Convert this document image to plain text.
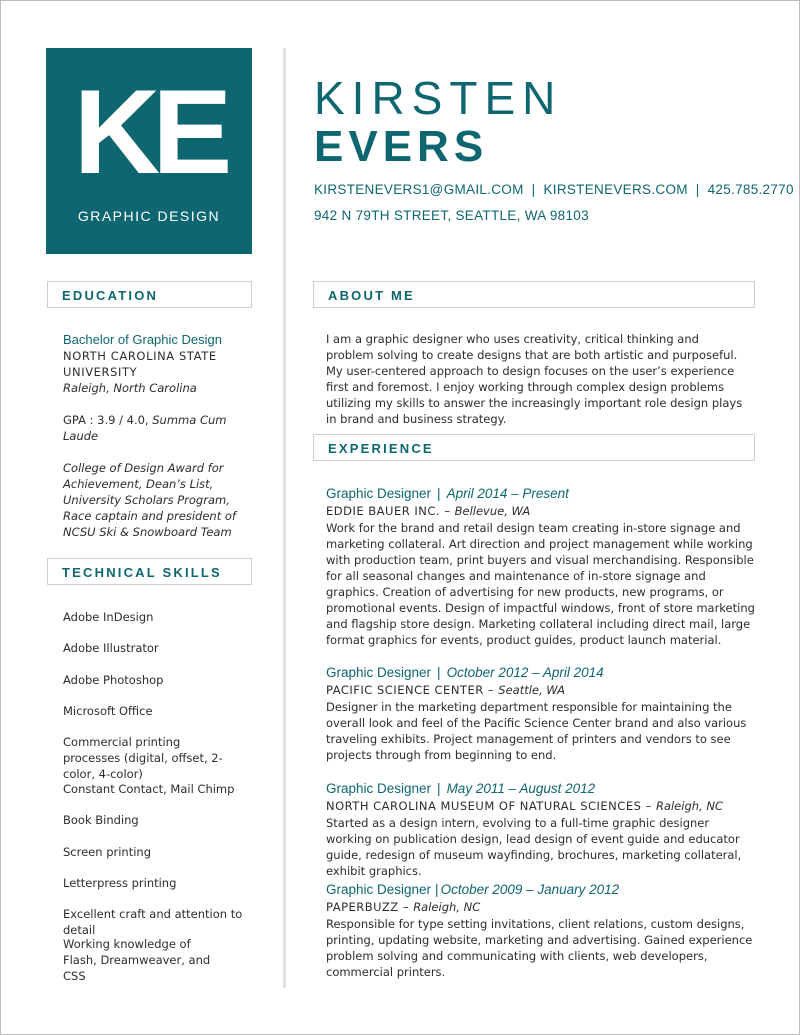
KE
GRAPHIC DESIGN
KIRSTEN
EVERS
KIRSTENEVERS1@GMAIL.COM | KIRSTENEVERS.COM | 425.785.2770
942 N 79TH STREET, SEATTLE, WA 98103
EDUCATION
TECHNICAL SKILLS
ABOUT ME
EXPERIENCE

Bachelor of Graphic Design

NORTH CAROLINA STATE UNIVERSITY

Raleigh, North Carolina

GPA : 3.9 / 4.0, Summa Cum Laude

College of Design Award for Achievement, Dean’s List, University Scholars Program, Race captain and president of NCSU Ski & Snowboard Team

Adobe InDesign
Adobe Illustrator
Adobe Photoshop
Microsoft Office
Commercial printing processes (digital, offset, 2-color, 4-color)
Constant Contact, Mail Chimp
Book Binding
Screen printing
Letterpress printing
Excellent craft and attention to detail
Working knowledge of Flash, Dreamweaver, and CSS

I am a graphic designer who uses creativity, critical thinking and problem solving to create designs that are both artistic and purposeful. My user-centered approach to design focuses on the user’s experience first and foremost. I enjoy working through complex design problems utilizing my skills to answer the increasingly important role design plays in brand and business strategy.

Graphic Designer | April 2014 – Present
EDDIE BAUER INC. – Bellevue, WA

Work for the brand and retail design team creating in-store signage and marketing collateral. Art direction and project management while working with production team, print buyers and visual merchandising. Responsible for all seasonal changes and maintenance of in-store signage and graphics. Creation of advertising for new products, new programs, or promotional events. Design of impactful windows, front of store marketing and flagship store design. Marketing collateral including direct mail, large format graphics for events, product guides, product launch material.

Graphic Designer | October 2012 – April 2014
PACIFIC SCIENCE CENTER – Seattle, WA

Designer in the marketing department responsible for maintaining the overall look and feel of the Pacific Science Center brand and also various traveling exhibits. Project management of printers and vendors to see projects through from beginning to end.

Graphic Designer | May 2011 – August 2012
NORTH CAROLINA MUSEUM OF NATURAL SCIENCES – Raleigh, NC

Started as a design intern, evolving to a full-time graphic designer working on publication design, lead design of event guide and educator guide, redesign of museum wayfinding, brochures, marketing collateral, exhibit graphics.

Graphic Designer | October 2009 – January 2012
PAPERBUZZ – Raleigh, NC

Responsible for type setting invitations, client relations, custom designs, printing, updating website, marketing and advertising. Gained experience problem solving and communicating with clients, web developers, commercial printers.
